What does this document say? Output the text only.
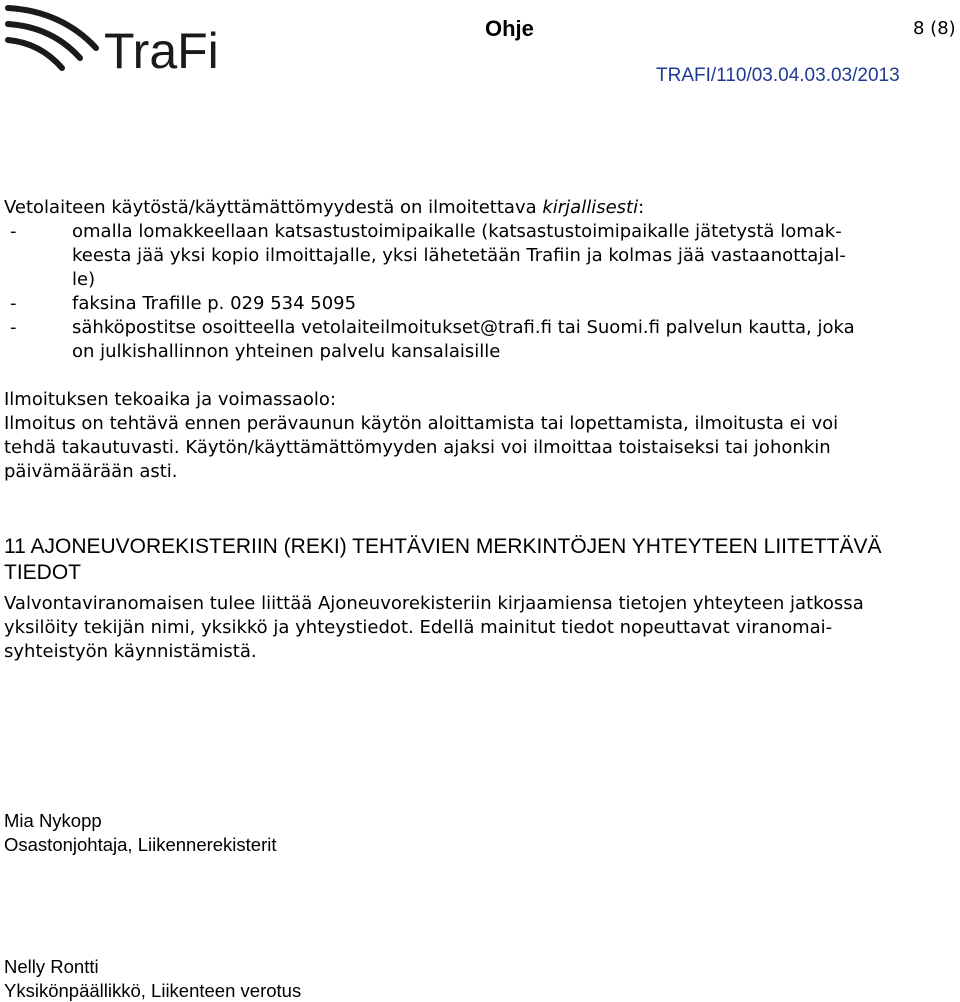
TraFi	Ohje	8 (8)
TRAFI/110/03.04.03.03/2013
Vetolaiteen käytöstä/käyttämättömyydestä on ilmoitettava kirjallisesti:
-	omalla lomakkeellaan katsastustoimipaikalle (katsastustoimipaikalle jätetystä lomak-
keesta jää yksi kopio ilmoittajalle, yksi lähetetään Trafiin ja kolmas jää vastaanottajal-
le)
-	faksina Trafille p. 029 534 5095
-	sähköpostitse osoitteella vetolaiteilmoitukset@trafi.fi tai Suomi.fi palvelun kautta, joka
on julkishallinnon yhteinen palvelu kansalaisille
Ilmoituksen tekoaika ja voimassaolo:
Ilmoitus on tehtävä ennen perävaunun käytön aloittamista tai lopettamista, ilmoitusta ei voi
tehdä takautuvasti. Käytön/käyttämättömyyden ajaksi voi ilmoittaa toistaiseksi tai johonkin
päivämäärään asti.
11 AJONEUVOREKISTERIIN (REKI) TEHTÄVIEN MERKINTÖJEN YHTEYTEEN LIITETTÄVÄ
TIEDOT
Valvontaviranomaisen tulee liittää Ajoneuvorekisteriin kirjaamiensa tietojen yhteyteen jatkossa
yksilöity tekijän nimi, yksikkö ja yhteystiedot. Edellä mainitut tiedot nopeuttavat viranomai-
syhteistyön käynnistämistä.
Mia Nykopp
Osastonjohtaja, Liikennerekisterit
Nelly Rontti
Yksikönpäällikkö, Liikenteen verotus
